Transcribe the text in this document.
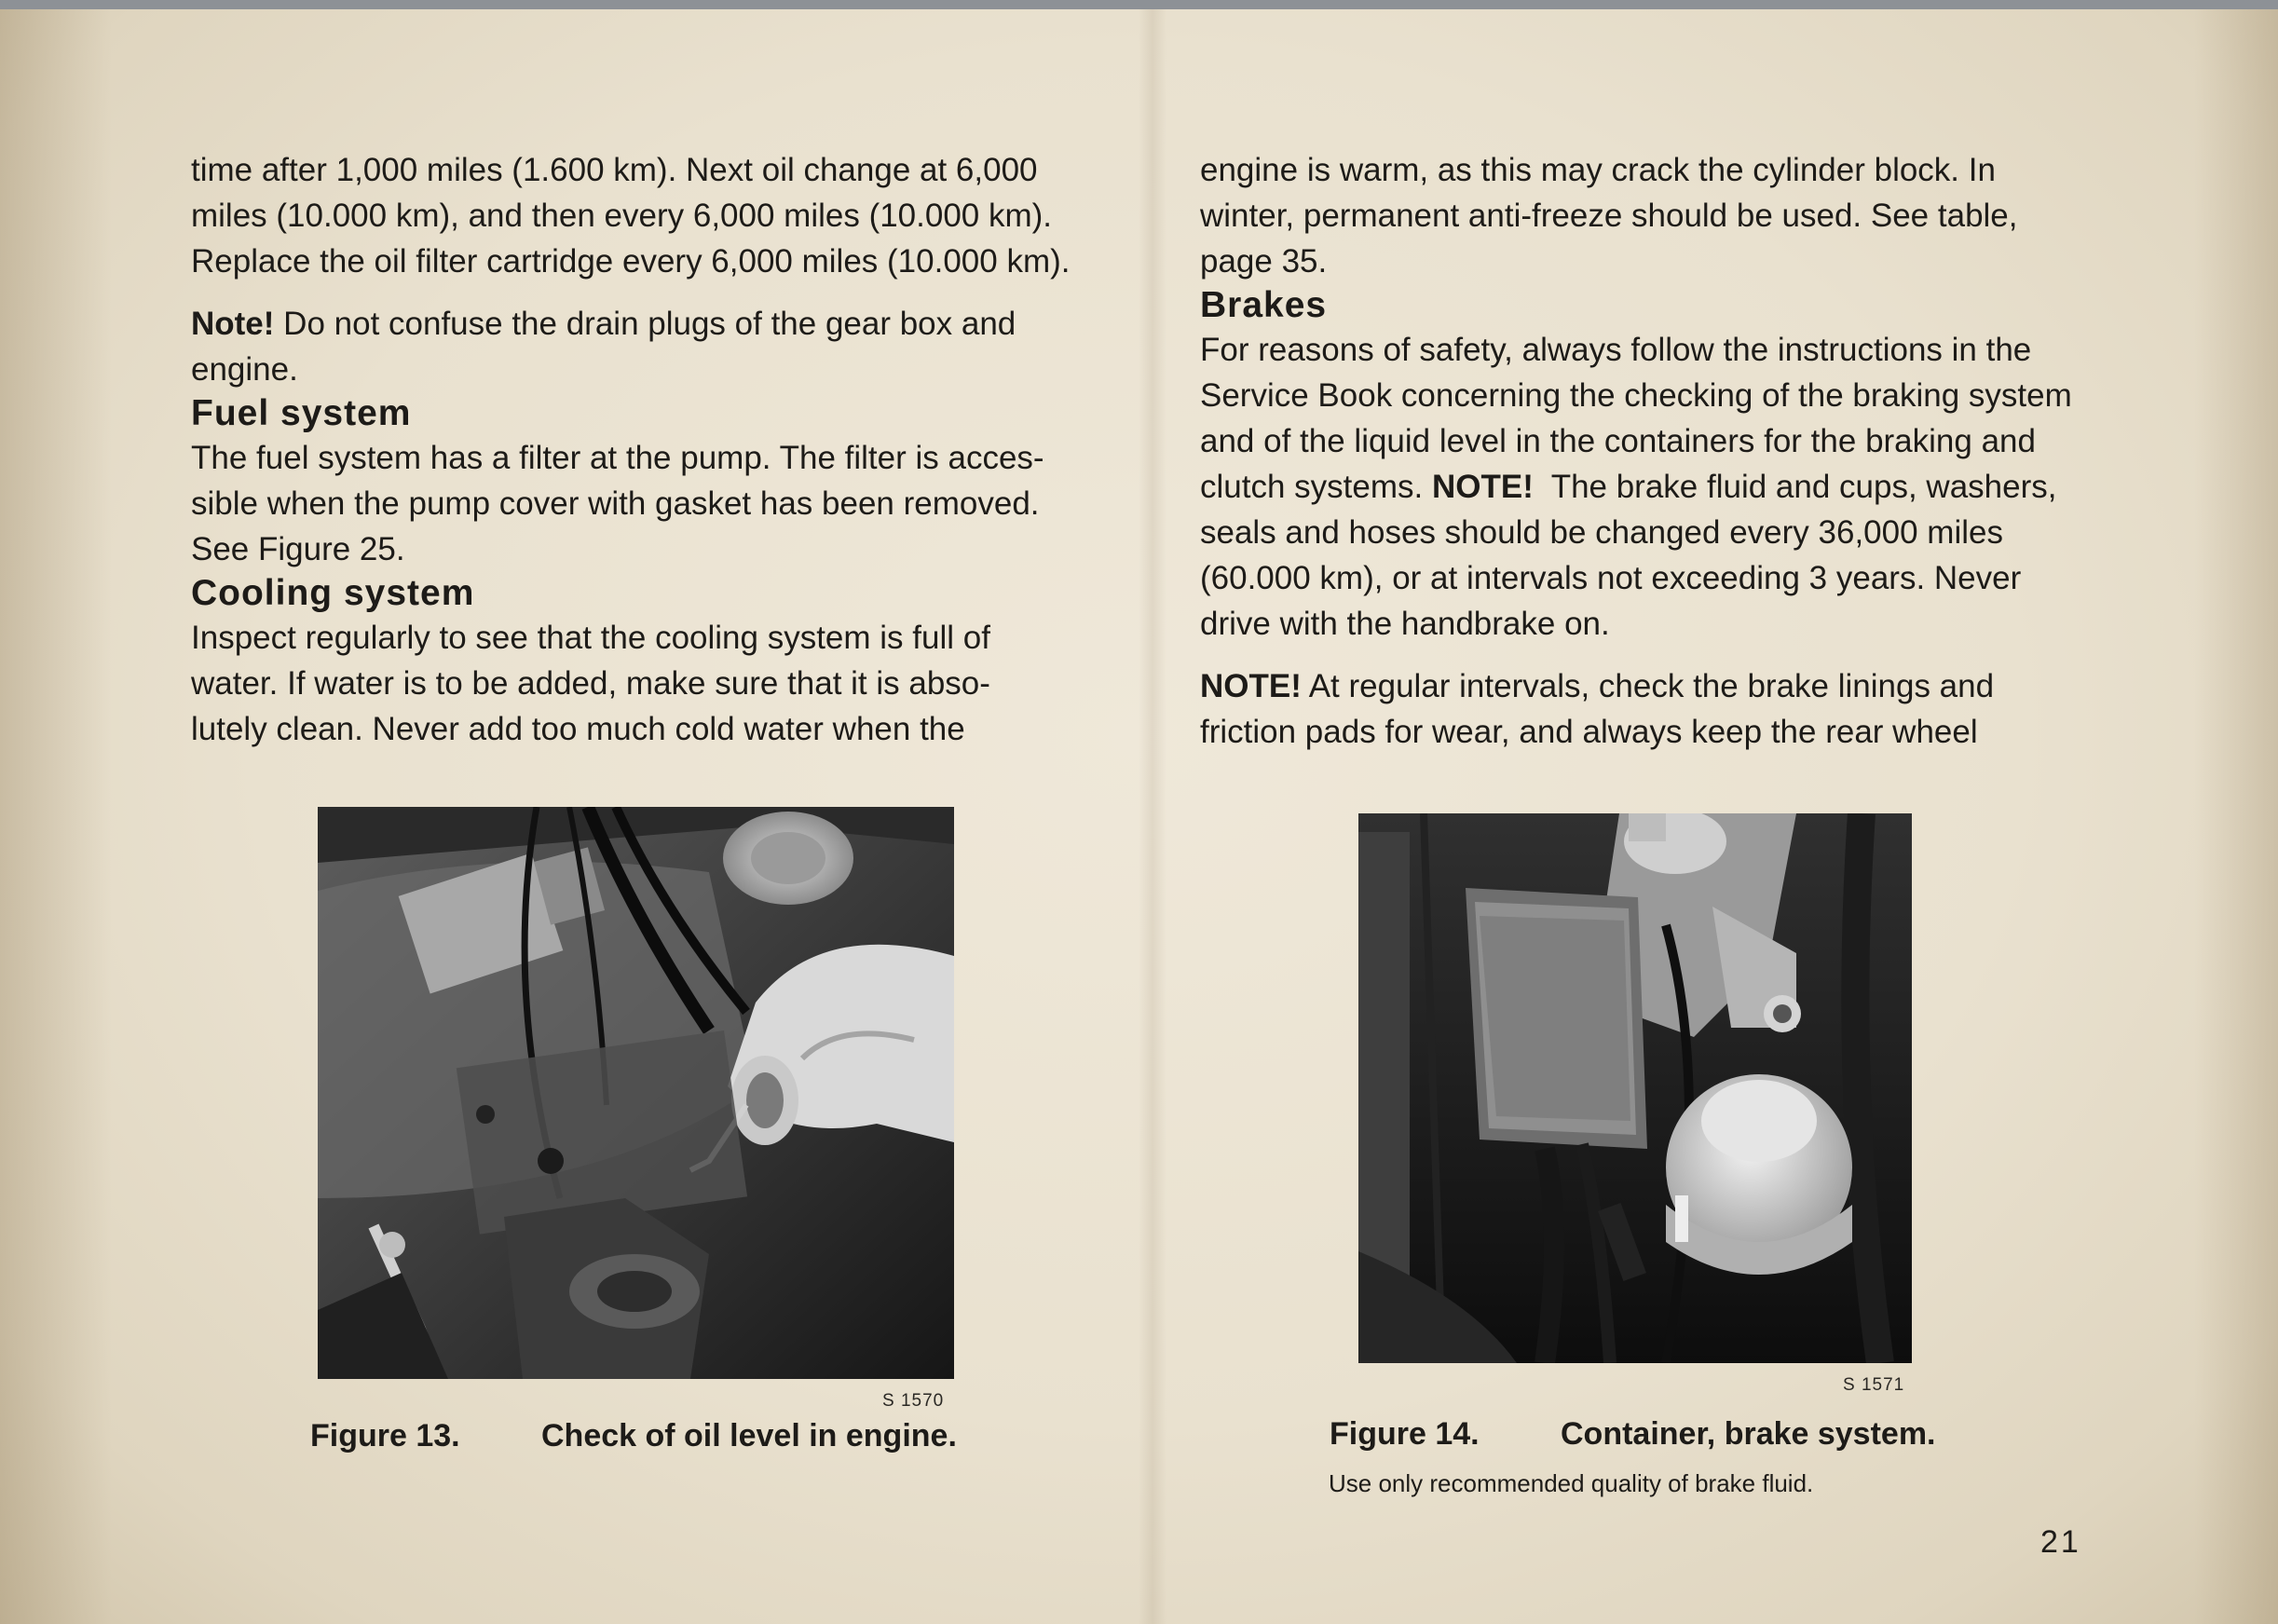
time after 1,000 miles (1.600 km). Next oil change at 6,000

miles (10.000 km), and then every 6,000 miles (10.000 km).

Replace the oil filter cartridge every 6,000 miles (10.000 km).

Note! Do not confuse the drain plugs of the gear box and

engine.

Fuel system

The fuel system has a filter at the pump. The filter is acces-

sible when the pump cover with gasket has been removed.

See Figure 25.

Cooling system

Inspect regularly to see that the cooling system is full of

water. If water is to be added, make sure that it is abso-

lutely clean. Never add too much cold water when the

engine is warm, as this may crack the cylinder block. In

winter, permanent anti-freeze should be used. See table,

page 35.

Brakes

For reasons of safety, always follow the instructions in the

Service Book concerning the checking of the braking system

and of the liquid level in the containers for the braking and

clutch systems. NOTE! The brake fluid and cups, washers,

seals and hoses should be changed every 36,000 miles

(60.000 km), or at intervals not exceeding 3 years. Never

drive with the handbrake on.

NOTE! At regular intervals, check the brake linings and

friction pads for wear, and always keep the rear wheel

S 1570
Figure 13.	Check of oil level in engine.
S 1571
Figure 14.	Container, brake system.
Use only recommended quality of brake fluid.
21
